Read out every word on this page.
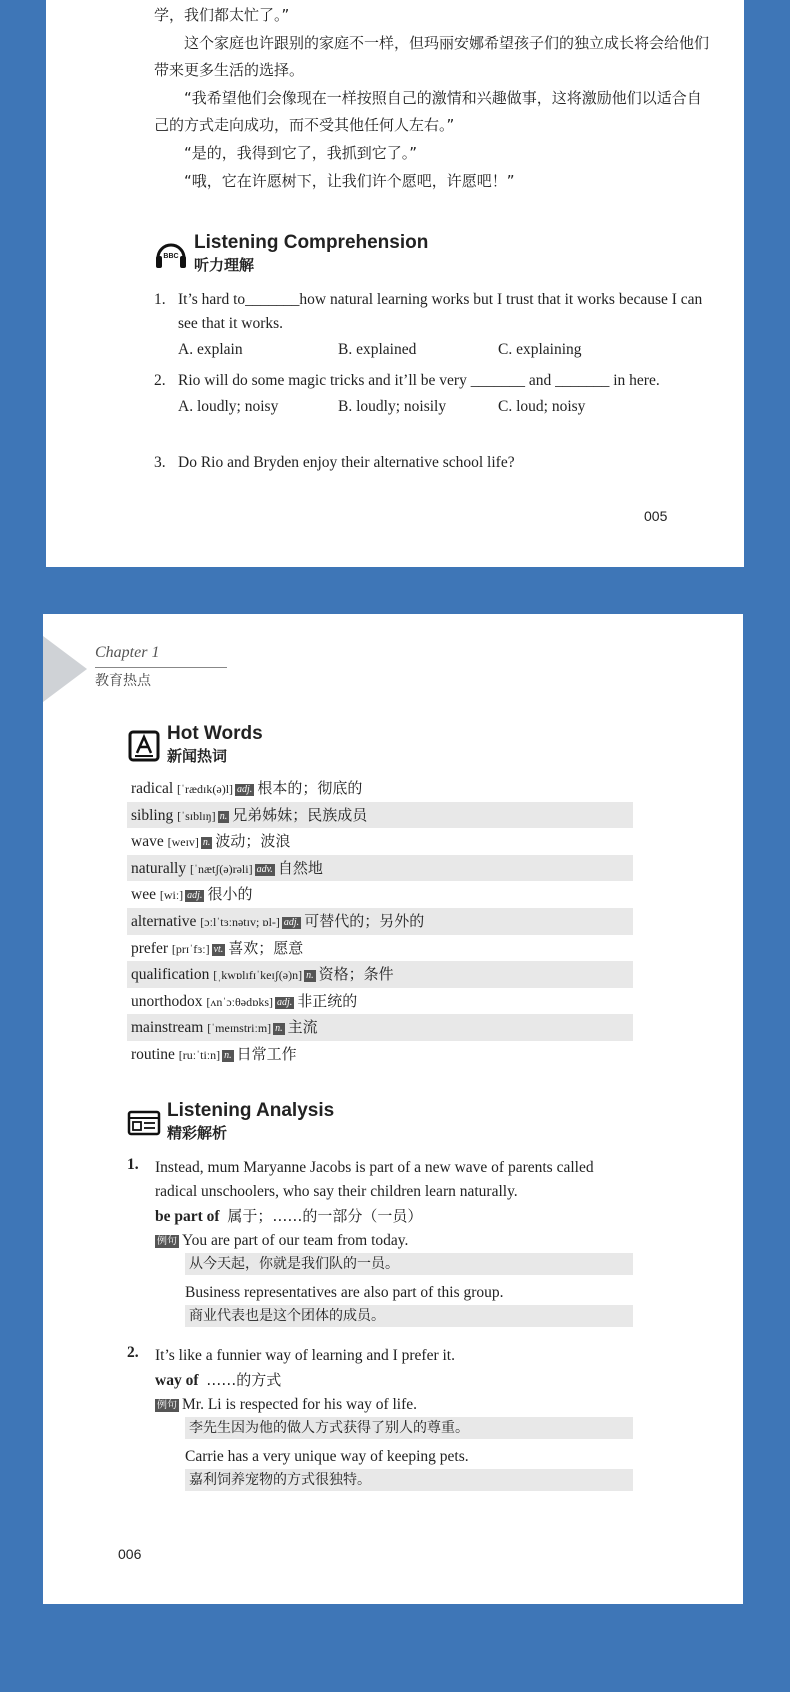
学，我们都太忙了。”

　　这个家庭也许跟别的家庭不一样，但玛丽安娜希望孩子们的独立成长将会给他们带来更多生活的选择。

　　“我希望他们会像现在一样按照自己的激情和兴趣做事，这将激励他们以适合自己的方式走向成功，而不受其他任何人左右。”

　　“是的，我得到它了，我抓到它了。”

　　“哦，它在许愿树下，让我们许个愿吧，许愿吧！”

BBC
Listening Comprehension
听力理解
1. It’s hard to_______how natural learning works but I trust that it works because I can see that it works.
A. explain	B. explained	C. explaining
2. Rio will do some magic tricks and it’ll be very _______ and _______ in here.
A. loudly; noisy	B. loudly; noisily	C. loud; noisy
3. Do Rio and Bryden enjoy their alternative school life?
005
Chapter 1
教育热点
Hot Words
新闻热词
radical [ˈrædɪk(ə)l] adj. 根本的；彻底的
sibling [ˈsɪblɪŋ] n. 兄弟姊妹；民族成员
wave [weɪv] n. 波动；波浪
naturally [ˈnætʃ(ə)rəli] adv. 自然地
wee [wiː] adj. 很小的
alternative [ɔːlˈtɜːnətɪv; ɒl-] adj. 可替代的；另外的
prefer [prɪˈfɜː] vt. 喜欢；愿意
qualification [ˌkwɒlɪfɪˈkeɪʃ(ə)n] n. 资格；条件
unorthodox [ʌnˈɔːθədɒks] adj. 非正统的
mainstream [ˈmeɪnstriːm] n. 主流
routine [ruːˈtiːn] n. 日常工作
Listening Analysis
精彩解析
1. Instead, mum Maryanne Jacobs is part of a new wave of parents called radical unschoolers, who say their children learn naturally.
be part of 属于；……的一部分（一员）
例句 You are part of our team from today.
从今天起，你就是我们队的一员。
Business representatives are also part of this group.
商业代表也是这个团体的成员。
2. It’s like a funnier way of learning and I prefer it.
way of ……的方式
例句 Mr. Li is respected for his way of life.
李先生因为他的做人方式获得了别人的尊重。
Carrie has a very unique way of keeping pets.
嘉利饲养宠物的方式很独特。
006
